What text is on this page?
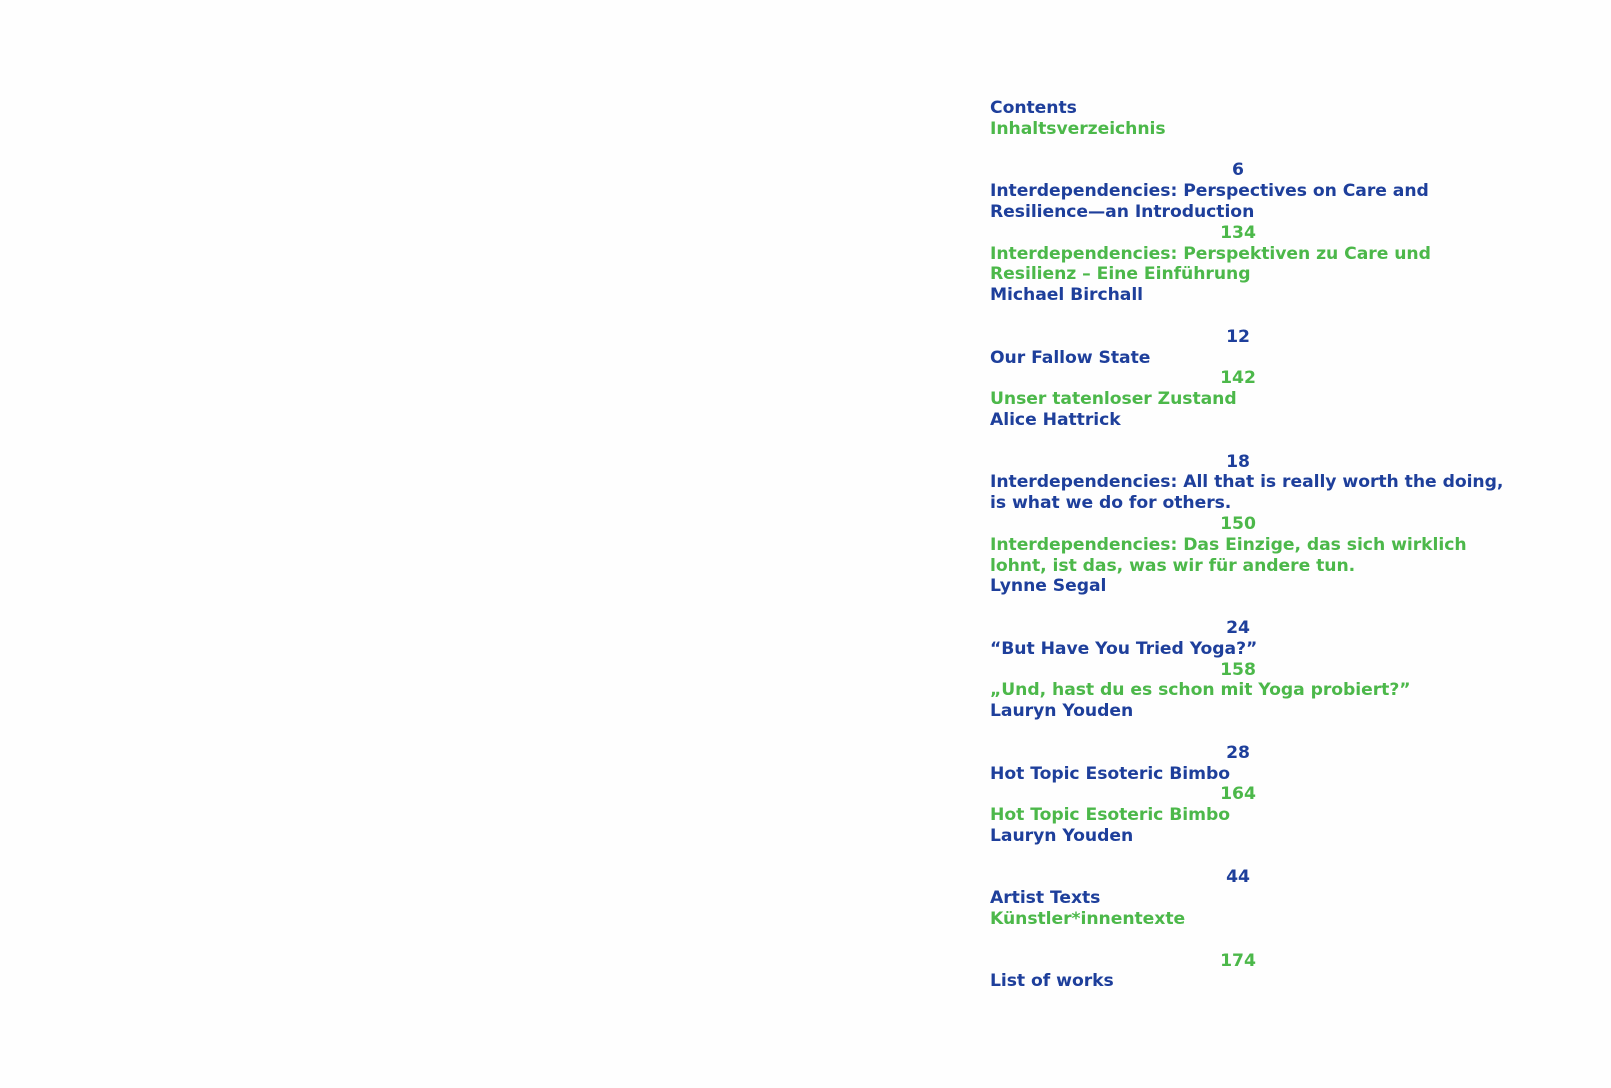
Contents
Inhaltsverzeichnis
6
Interdependencies: Perspectives on Care and
Resilience—an Introduction
134
Interdependencies: Perspektiven zu Care und
Resilienz – Eine Einführung
Michael Birchall
12
Our Fallow State
142
Unser tatenloser Zustand
Alice Hattrick
18
Interdependencies: All that is really worth the doing,
is what we do for others.
150
Interdependencies: Das Einzige, das sich wirklich
lohnt, ist das, was wir für andere tun.
Lynne Segal
24
“But Have You Tried Yoga?”
158
„Und, hast du es schon mit Yoga probiert?”
Lauryn Youden
28
Hot Topic Esoteric Bimbo
164
Hot Topic Esoteric Bimbo
Lauryn Youden
44
Artist Texts
Künstler*innentexte
174
List of works
